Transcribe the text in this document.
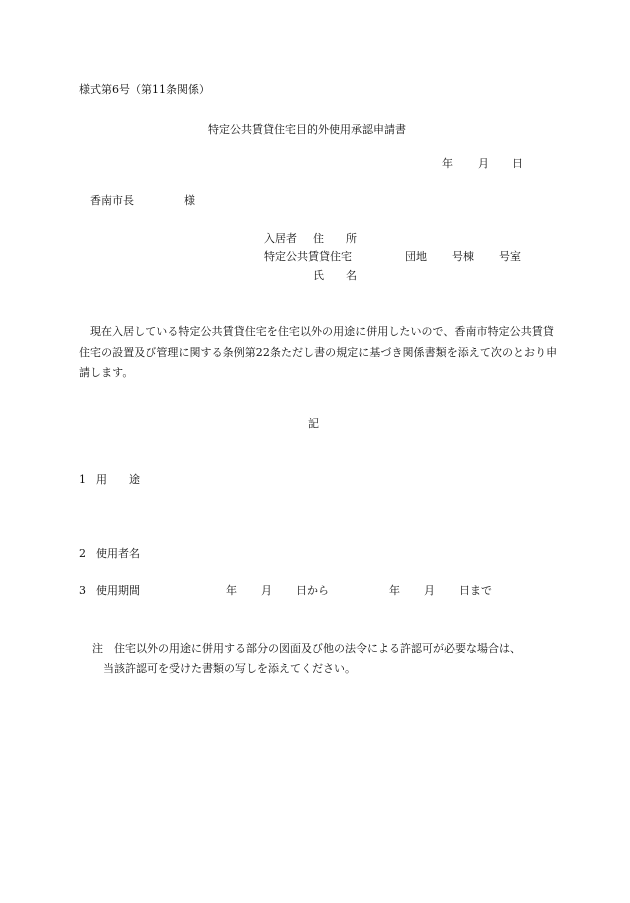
様式第6号（第11条関係）
特定公共賃貸住宅目的外使用承認申請書
年 月 日
香南市長	様
入居者 住　　所
特定公共賃貸住宅	団地 号棟 号室
氏　　名
現在入居している特定公共賃貸住宅を住宅以外の用途に併用したいので、香南市特定公共賃貸住宅の設置及び管理に関する条例第22条ただし書の規定に基づき関係書類を添えて次のとおり申請します。
記
1 用　　途
2 使用者名
3 使用期間	年 月 日から	年 月 日まで
注　 住宅以外の用途に併用する部分の図面及び他の法令による許認可が必要な場合は、
当該許認可を受けた書類の写しを添えてください。
